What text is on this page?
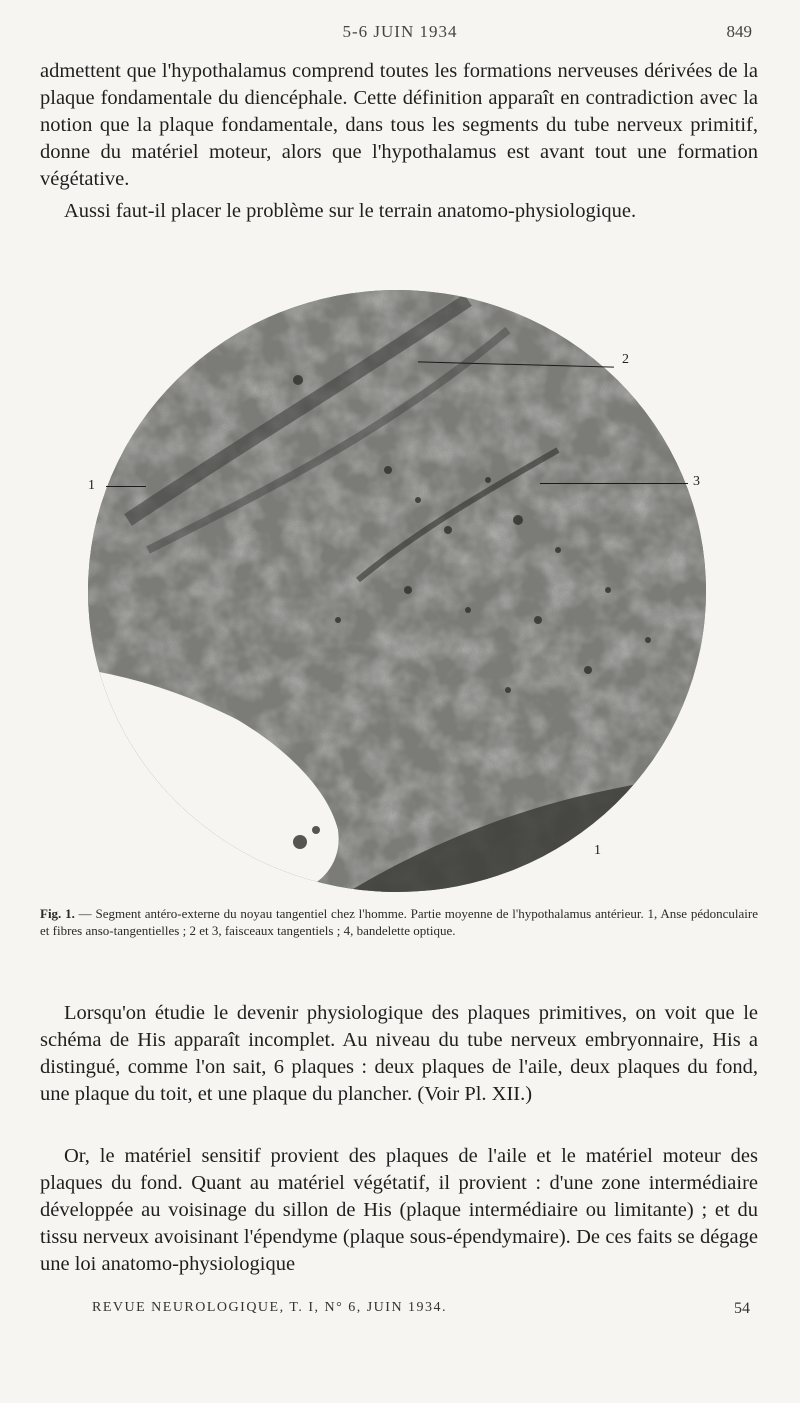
5-6 JUIN 1934	849

admettent que l'hypothalamus comprend toutes les formations nerveuses dérivées de la plaque fondamentale du diencéphale. Cette définition apparaît en contradiction avec la notion que la plaque fondamentale, dans tous les segments du tube nerveux primitif, donne du matériel moteur, alors que l'hypothalamus est avant tout une formation végétative.

Aussi faut-il placer le problème sur le terrain anatomo-physiologique.

1
2
3
1
Fig. 1. — Segment antéro-externe du noyau tangentiel chez l'homme. Partie moyenne de l'hypothalamus antérieur. 1, Anse pédonculaire et fibres anso-tangentielles ; 2 et 3, faisceaux tangentiels ; 4, bandelette optique.

Lorsqu'on étudie le devenir physiologique des plaques primitives, on voit que le schéma de His apparaît incomplet. Au niveau du tube nerveux embryonnaire, His a distingué, comme l'on sait, 6 plaques : deux plaques de l'aile, deux plaques du fond, une plaque du toit, et une plaque du plancher. (Voir Pl. XII.)

Or, le matériel sensitif provient des plaques de l'aile et le matériel moteur des plaques du fond. Quant au matériel végétatif, il provient : d'une zone intermédiaire développée au voisinage du sillon de His (plaque intermédiaire ou limitante) ; et du tissu nerveux avoisinant l'épendyme (plaque sous-épendymaire). De ces faits se dégage une loi anatomo-physiologique

REVUE NEUROLOGIQUE, T. I, N° 6, JUIN 1934.	54
